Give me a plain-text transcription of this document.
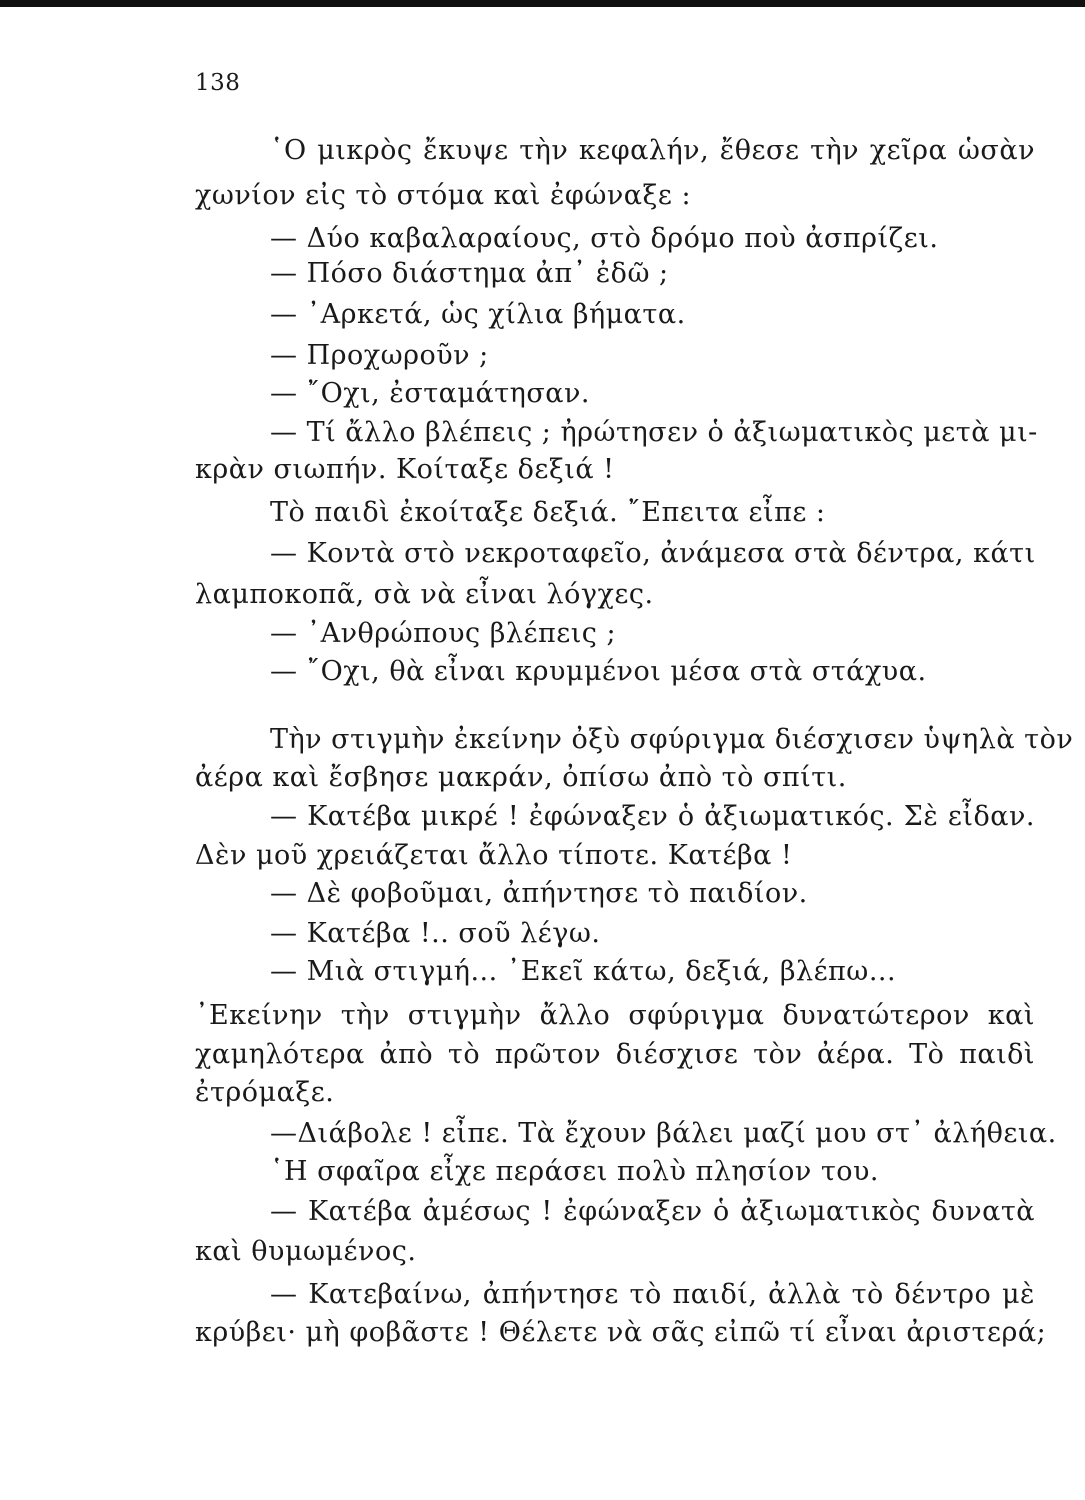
138
῾Ο μικρὸς ἔκυψε τὴν κεφαλήν, ἔθεσε τὴν χεῖρα ὡσὰν
χωνίον εἰς τὸ στόμα καὶ ἐφώναξε :
— Δύο καβαλαραίους, στὸ δρόμο ποὺ ἀσπρίζει.
— Πόσο διάστημα ἀπ᾽ ἐδῶ ;
— ᾿Αρκετά, ὡς χίλια βήματα.
— Προχωροῦν ;
— ῎Οχι, ἐσταμάτησαν.
— Τί ἄλλο βλέπεις ; ἠρώτησεν ὁ ἀξιωματικὸς μετὰ μι-
κρὰν σιωπήν. Κοίταξε δεξιά !
Τὸ παιδὶ ἐκοίταξε δεξιά. ῎Επειτα εἶπε :
— Κοντὰ στὸ νεκροταφεῖο, ἀνάμεσα στὰ δέντρα, κάτι
λαμποκοπᾶ, σὰ νὰ εἶναι λόγχες.
— ᾿Ανθρώπους βλέπεις ;
— ῎Οχι, θὰ εἶναι κρυμμένοι μέσα στὰ στάχυα.
Τὴν στιγμὴν ἐκείνην ὀξὺ σφύριγμα διέσχισεν ὑψηλὰ τὸν
ἀέρα καὶ ἔσβησε μακράν, ὀπίσω ἀπὸ τὸ σπίτι.
— Κατέβα μικρέ ! ἐφώναξεν ὁ ἀξιωματικός. Σὲ εἶδαν.
Δὲν μοῦ χρειάζεται ἄλλο τίποτε. Κατέβα !
— Δὲ φοβοῦμαι, ἀπήντησε τὸ παιδίον.
— Κατέβα !.. σοῦ λέγω.
— Μιὰ στιγμή... ᾿Εκεῖ κάτω, δεξιά, βλέπω...
᾿Εκείνην τὴν στιγμὴν ἄλλο σφύριγμα δυνατώτερον καὶ
χαμηλότερα ἀπὸ τὸ πρῶτον διέσχισε τὸν ἀέρα. Τὸ παιδὶ
ἐτρόμαξε.
—Διάβολε ! εἶπε. Τὰ ἔχουν βάλει μαζί μου στ᾽ ἀλήθεια.
῾Η σφαῖρα εἶχε περάσει πολὺ πλησίον του.
— Κατέβα ἀμέσως ! ἐφώναξεν ὁ ἀξιωματικὸς δυνατὰ
καὶ θυμωμένος.
— Κατεβαίνω, ἀπήντησε τὸ παιδί, ἀλλὰ τὸ δέντρο μὲ
κρύβει· μὴ φοβᾶστε ! Θέλετε νὰ σᾶς εἰπῶ τί εἶναι ἀριστερά;
